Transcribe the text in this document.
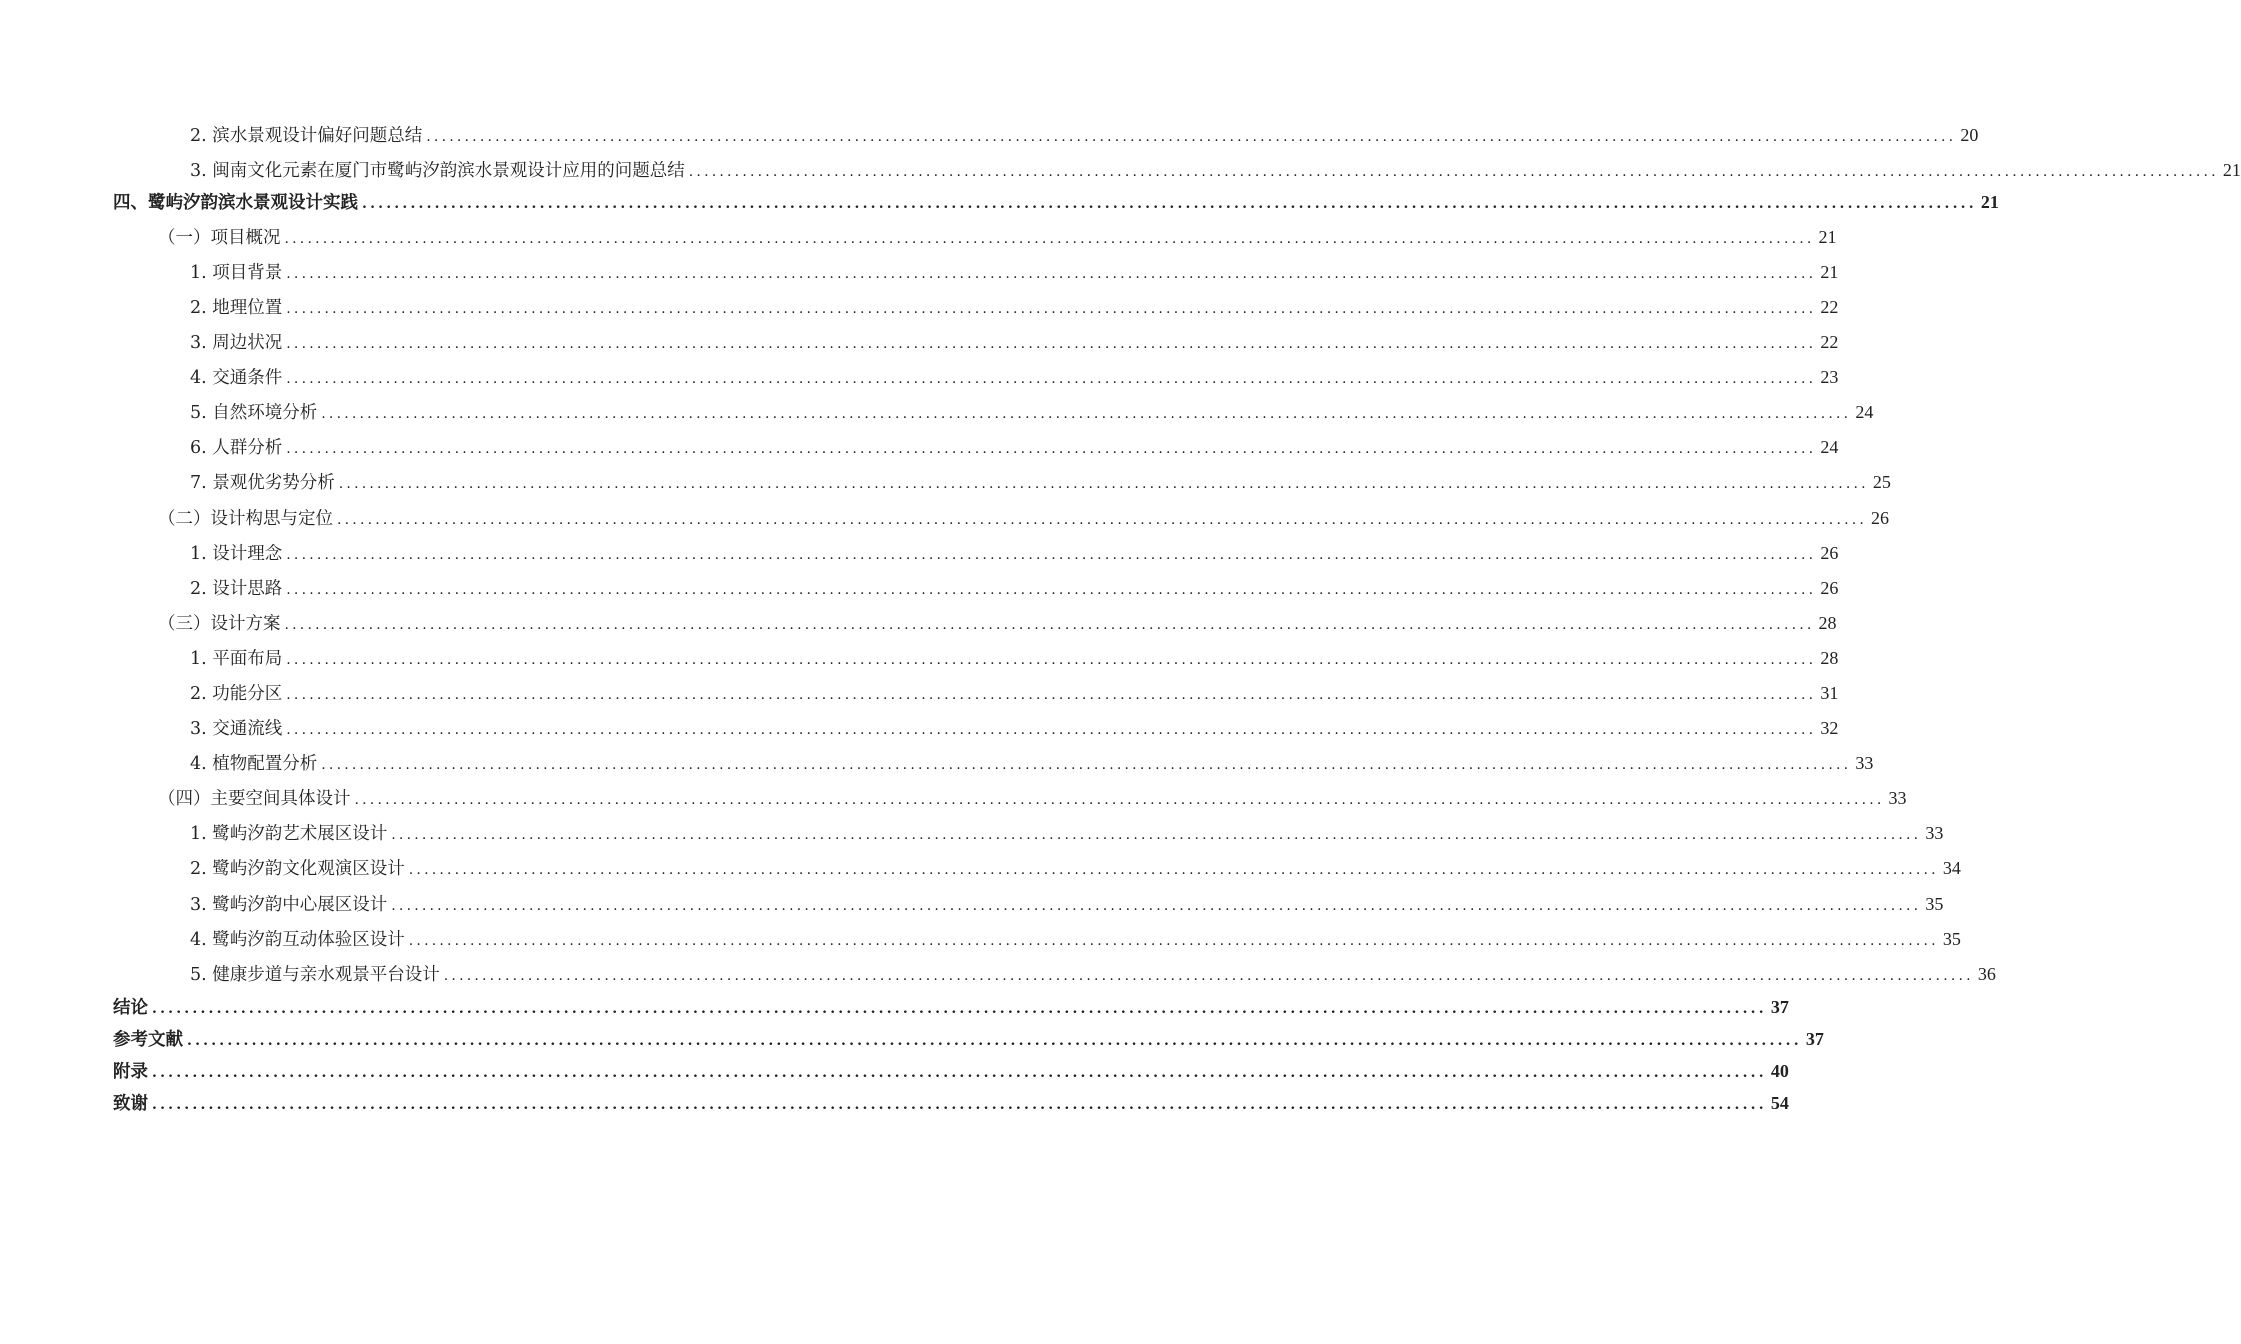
2. 滨水景观设计偏好问题总结 ........................................................................................................................................................................................................ 20
3. 闽南文化元素在厦门市鹭屿汐韵滨水景观设计应用的问题总结 ........................................................................................................................................................................................................ 21
四、鹭屿汐韵滨水景观设计实践 ........................................................................................................................................................................................................ 21
（一）项目概况 ........................................................................................................................................................................................................ 21
1. 项目背景 ........................................................................................................................................................................................................ 21
2. 地理位置 ........................................................................................................................................................................................................ 22
3. 周边状况 ........................................................................................................................................................................................................ 22
4. 交通条件 ........................................................................................................................................................................................................ 23
5. 自然环境分析 ........................................................................................................................................................................................................ 24
6. 人群分析 ........................................................................................................................................................................................................ 24
7. 景观优劣势分析 ........................................................................................................................................................................................................ 25
（二）设计构思与定位 ........................................................................................................................................................................................................ 26
1. 设计理念 ........................................................................................................................................................................................................ 26
2. 设计思路 ........................................................................................................................................................................................................ 26
（三）设计方案 ........................................................................................................................................................................................................ 28
1. 平面布局 ........................................................................................................................................................................................................ 28
2. 功能分区 ........................................................................................................................................................................................................ 31
3. 交通流线 ........................................................................................................................................................................................................ 32
4. 植物配置分析 ........................................................................................................................................................................................................ 33
（四）主要空间具体设计 ........................................................................................................................................................................................................ 33
1. 鹭屿汐韵艺术展区设计 ........................................................................................................................................................................................................ 33
2. 鹭屿汐韵文化观演区设计 ........................................................................................................................................................................................................ 34
3. 鹭屿汐韵中心展区设计 ........................................................................................................................................................................................................ 35
4. 鹭屿汐韵互动体验区设计 ........................................................................................................................................................................................................ 35
5. 健康步道与亲水观景平台设计 ........................................................................................................................................................................................................ 36
结论 ........................................................................................................................................................................................................ 37
参考文献 ........................................................................................................................................................................................................ 37
附录 ........................................................................................................................................................................................................ 40
致谢 ........................................................................................................................................................................................................ 54
